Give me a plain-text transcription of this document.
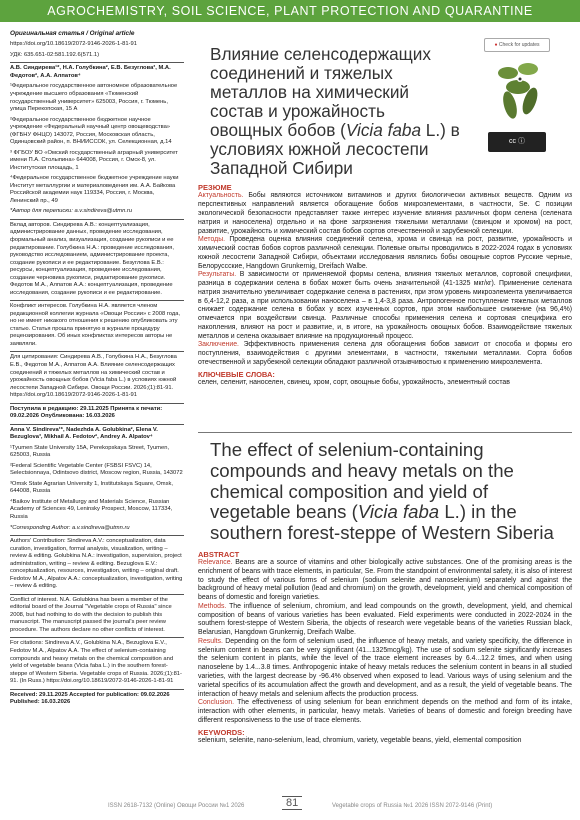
AGROCHEMISTRY, SOIL SCIENCE, PLANT PROTECTION AND QUARANTINE

Оригинальная статья / Original article

https://doi.org/10.18619/2072-9146-2026-1-81-91

УДК: 635.651-02:581.192.6(571.1)

А.В. Синдирева¹*, Н.А. Голубкина², Е.В. Безуглова³, М.А. Федотов², А.А. Алпатов⁴

¹Федеральное государственное автономное образовательное учреждение высшего образования «Тюменский государственный университет» 625003, Россия, г. Тюмень, улица Перекопская, 15 А

²Федеральное государственное бюджетное научное учреждение «Федеральный научный центр овощеводства» (ФГБНУ ФНЦО) 143072, Россия, Московская область, Одинцовский район, п. ВНИИССОК, ул. Селекционная, д.14

³ ФГБОУ ВО «Омский государственный аграрный университет имени П.А. Столыпина» 644008, Россия, г. Омск-8, ул. Институтская площадь, 1

⁴Федеральное государственное бюджетное учреждение науки Институт металлургии и материаловедения им. А.А. Байкова Российской академии наук 119334, Россия, г. Москва, Ленинский пр., 49

*Автор для переписки: a.v.sindireva@utmn.ru

Вклад авторов. Синдирева А.В.: концептуализация, администрирование данных, проведение исследования, формальный анализ, визуализация, создание рукописи и ее редактирование. Голубкина Н.А.: проведение исследования, руководство исследованием, администрирование проекта, создание рукописи и ее редактирование. Безуглова Е.В.: ресурсы, концептуализация, проведение исследования, создание черновика рукописи, редактирование рукописи. Федотов М.А., Алпатов А.А.: концептуализация, проведение исследования, создание рукописи и ее редактирование.

Конфликт интересов. Голубкина Н.А. является членом редакционной коллегии журнала «Овощи России» с 2008 года, но не имеет никакого отношения к решению опубликовать эту статью. Статья прошла принятую в журнале процедуру рецензирования. Об иных конфликтах интересов авторы не заявляли.

Для цитирования: Синдирева А.В., Голубкина Н.А., Безуглова Е.В., Федотов М.А., Алпатов А.А. Влияние селенсодержащих соединений и тяжелых металлов на химический состав и урожайность овощных бобов (Vicia faba L.) в условиях южной лесостепи Западной Сибири. Овощи России. 2026;(1):81-91. https://doi.org/10.18619/2072-9146-2026-1-81-91

Поступила в редакцию: 29.11.2025 Принята к печати: 09.02.2026 Опубликована: 16.03.2026

Anna V. Sindireva¹*, Nadezhda A. Golubkina², Elena V. Bezuglova³, Mikhail A. Fedotov², Andrey A. Alpatov⁴

¹Tyumen State University 15A, Perekopskaya Street, Tyumen, 625003, Russia

²Federal Scientific Vegetable Center (FSBSI FSVC) 14, Selectsionnaya, Odintsovo district, Moscow region, Russia, 143072

³Omsk State Agrarian University 1, Institutskaya Square, Omsk, 644008, Russia

⁴Baikov Institute of Metallurgy and Materials Science, Russian Academy of Sciences 49, Leninsky Prospect, Moscow, 117334, Russia

*Corresponding Author: a.v.sindireva@utmn.ru

Authors' Contribution: Sindireva A.V.: conceptualization, data curation, investigation, formal analysis, visualization, writing – review & editing. Golubkina N.A.: investigation, supervision, project administration, writing – review & editing. Bezuglova E.V.: conceptualization, resources, investigation, writing – original draft. Fedotov M.A., Alpatov A.A.: conceptualization, investigation, writing – review & editing.

Conflict of interest. N.A. Golubkina has been a member of the editorial board of the Journal "Vegetable crops of Russia" since 2008, but had nothing to do with the decision to publish this manuscript. The manuscript passed the journal's peer review procedure. The authors declare no other conflicts of interest.

For citations: Sindireva A.V., Golubkina N.A., Bezuglova E.V., Fedotov M.A., Alpatov A.A. The effect of selenium-containing compounds and heavy metals on the chemical composition and yield of vegetable beans (Vicia faba L.) in the southern forest-steppe of Western Siberia. Vegetable crops of Russia. 2026;(1):81-91. (In Russ.) https://doi.org/10.18619/2072-9146-2026-1-81-91

Received: 29.11.2025 Accepted for publication: 09.02.2026 Published: 16.03.2026

● Check for updates
cc ⓘ
Влияние селенсодержащих соединений и тяжелых металлов на химический состав и урожайность овощных бобов (Vicia faba L.) в условиях южной лесостепи Западной Сибири
РЕЗЮМЕ

Актуальность. Бобы являются источником витаминов и других биологически активных веществ. Одним из перспективных направлений является обогащение бобов микроэлементами, в частности, Se. С позиции экологической безопасности представляет также интерес изучение влияния различных форм селена (селената натрия и наноселена) отдельно и на фоне загрязнения тяжелыми металлами (свинцом и хромом) на рост, развитие, урожайность и химический состав бобов сортов отечественной и зарубежной селекции.
Методы. Проведена оценка влияния соединений селена, хрома и свинца на рост, развитие, урожайность и химический состав бобов сортов различной селекции. Полевые опыты проводились в 2022-2024 годах в условиях южной лесостепи Западной Сибири, объектами исследования являлись бобы овощные сортов Русские черные, Белоруссские, Hangdown Grunkernig, Dreifach Walbe.
Результаты. В зависимости от применяемой формы селена, влияния тяжелых металлов, сортовой специфики, разница в содержании селена в бобах может быть очень значительной (41-1325 мкг/кг). Применение селената натрия значительно увеличивает содержание селена в растениях, при этом уровень микроэлемента увеличивается в 6,4-12,2 раза, а при использовании наноселена – в 1,4-3,8 раза. Антропогенное поступление тяжелых металлов снижает содержание селена в бобах у всех изученных сортов, при этом наибольшее снижение (на 96,4%) отмечается при воздействии свинца. Различные способы применения селена и сортовая специфика его накопления, влияют на рост и развитие, и, в итоге, на урожайность овощных бобов. Взаимодействие тяжелых металлов и селена оказывает влияние на продукционный процесс.
Заключение. Эффективность применения селена для обогащения бобов зависит от способа и формы его поступления, взаимодействия с другими элементами, в частности, тяжелыми металлами. Сорта бобов отечественной и зарубежной селекции обладают различной отзывчивостью к применению микроэлемента.

КЛЮЧЕВЫЕ СЛОВА:

селен, селенит, наноселен, свинец, хром, сорт, овощные бобы, урожайность, элементный состав

The effect of selenium-containing compounds and heavy metals on the chemical composition and yield of vegetable beans (Vicia faba L.) in the southern forest-steppe of Western Siberia
ABSTRACT

Relevance. Beans are a source of vitamins and other biologically active substances. One of the promising areas is the enrichment of beans with trace elements, in particular, Se. From the standpoint of environmental safety, it is also of interest to study the effect of various forms of selenium (sodium selenite and nanoselenium) separately and against the background of heavy metal pollution (lead and chromium) on the growth, development, yield and chemical composition of beans of domestic and foreign varieties.
Methods. The influence of selenium, chromium, and lead compounds on the growth, development, yield, and chemical composition of beans of various varieties has been evaluated. Field experiments were conducted in 2022-2024 in the southern forest-steppe of Western Siberia, the objects of research were vegetable beans of the varieties Russian black, Belarusian, Hangdown Grunkernig, Dreifach Walbe.
Results. Depending on the form of selenium used, the influence of heavy metals, and variety specificity, the difference in selenium content in beans can be very significant (41...1325mcg/kg). The use of sodium selenite significantly increases the selenium content in plants, while the level of the trace element increases by 6.4...12.2 times, and when using nanoselene by 1.4...3.8 times. Anthropogenic intake of heavy metals reduces the selenium content in beans in all studied varieties, with the largest decrease by -96.4% observed when exposed to lead. Various ways of using selenium and the varietal specifics of its accumulation affect the growth and development, and as a result, the yield of vegetable beans. The interaction of heavy metals and selenium affects the production process.
Conclusion. The effectiveness of using selenium for bean enrichment depends on the method and form of its intake, interaction with other elements, in particular, heavy metals. Varieties of beans of domestic and foreign breeding have different responsiveness to the use of trace elements.

KEYWORDS:

selenium, selenite, nano-selenium, lead, chromium, variety, vegetable beans, yield, elemental composition

ISSN 2618-7132 (Online) Овощи России №1 2026	81	Vegetable crops of Russia №1 2026 ISSN 2072-9146 (Print)
